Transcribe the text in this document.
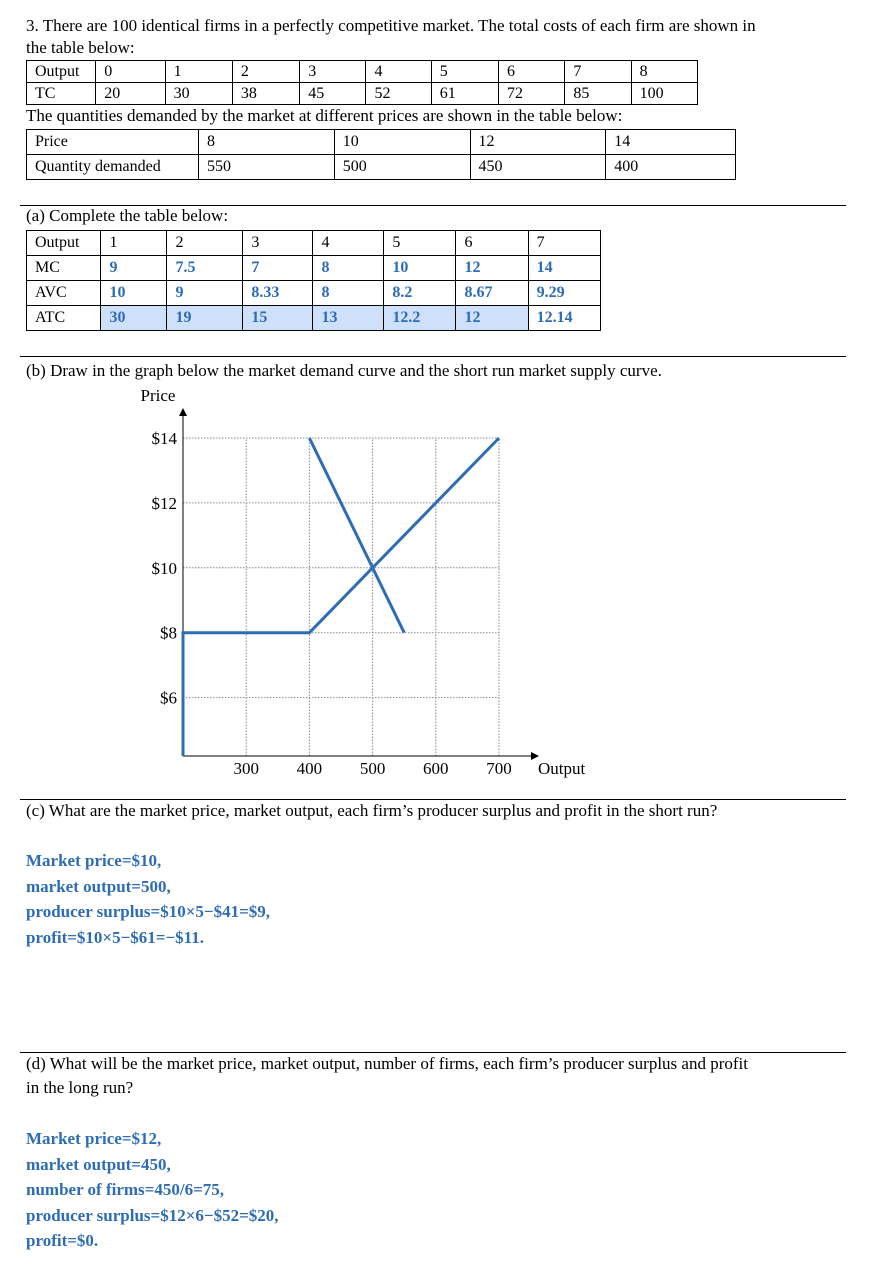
3. There are 100 identical firms in a perfectly competitive market. The total costs of each firm are shown in
the table below:
Output	0	1	2	3	4	5	6	7	8
TC	20	30	38	45	52	61	72	85	100
The quantities demanded by the market at different prices are shown in the table below:
Price	8	10	12	14
Quantity demanded	550	500	450	400
(a) Complete the table below:
Output	1	2	3	4	5	6	7
MC	9	7.5	7	8	10	12	14
AVC	10	9	8.33	8	8.2	8.67	9.29
ATC	30	19	15	13	12.2	12	12.14
(b) Draw in the graph below the market demand curve and the short run market supply curve.
Price
Output
$14
$12
$10
$8
$6
300 400 500 600 700
(c) What are the market price, market output, each firm’s producer surplus and profit in the short run?
Market price=$10,
market output=500,
producer surplus=$10×5−$41=$9,
profit=$10×5−$61=−$11.
(d) What will be the market price, market output, number of firms, each firm’s producer surplus and profit
in the long run?
Market price=$12,
market output=450,
number of firms=450/6=75,
producer surplus=$12×6−$52=$20,
profit=$0.
